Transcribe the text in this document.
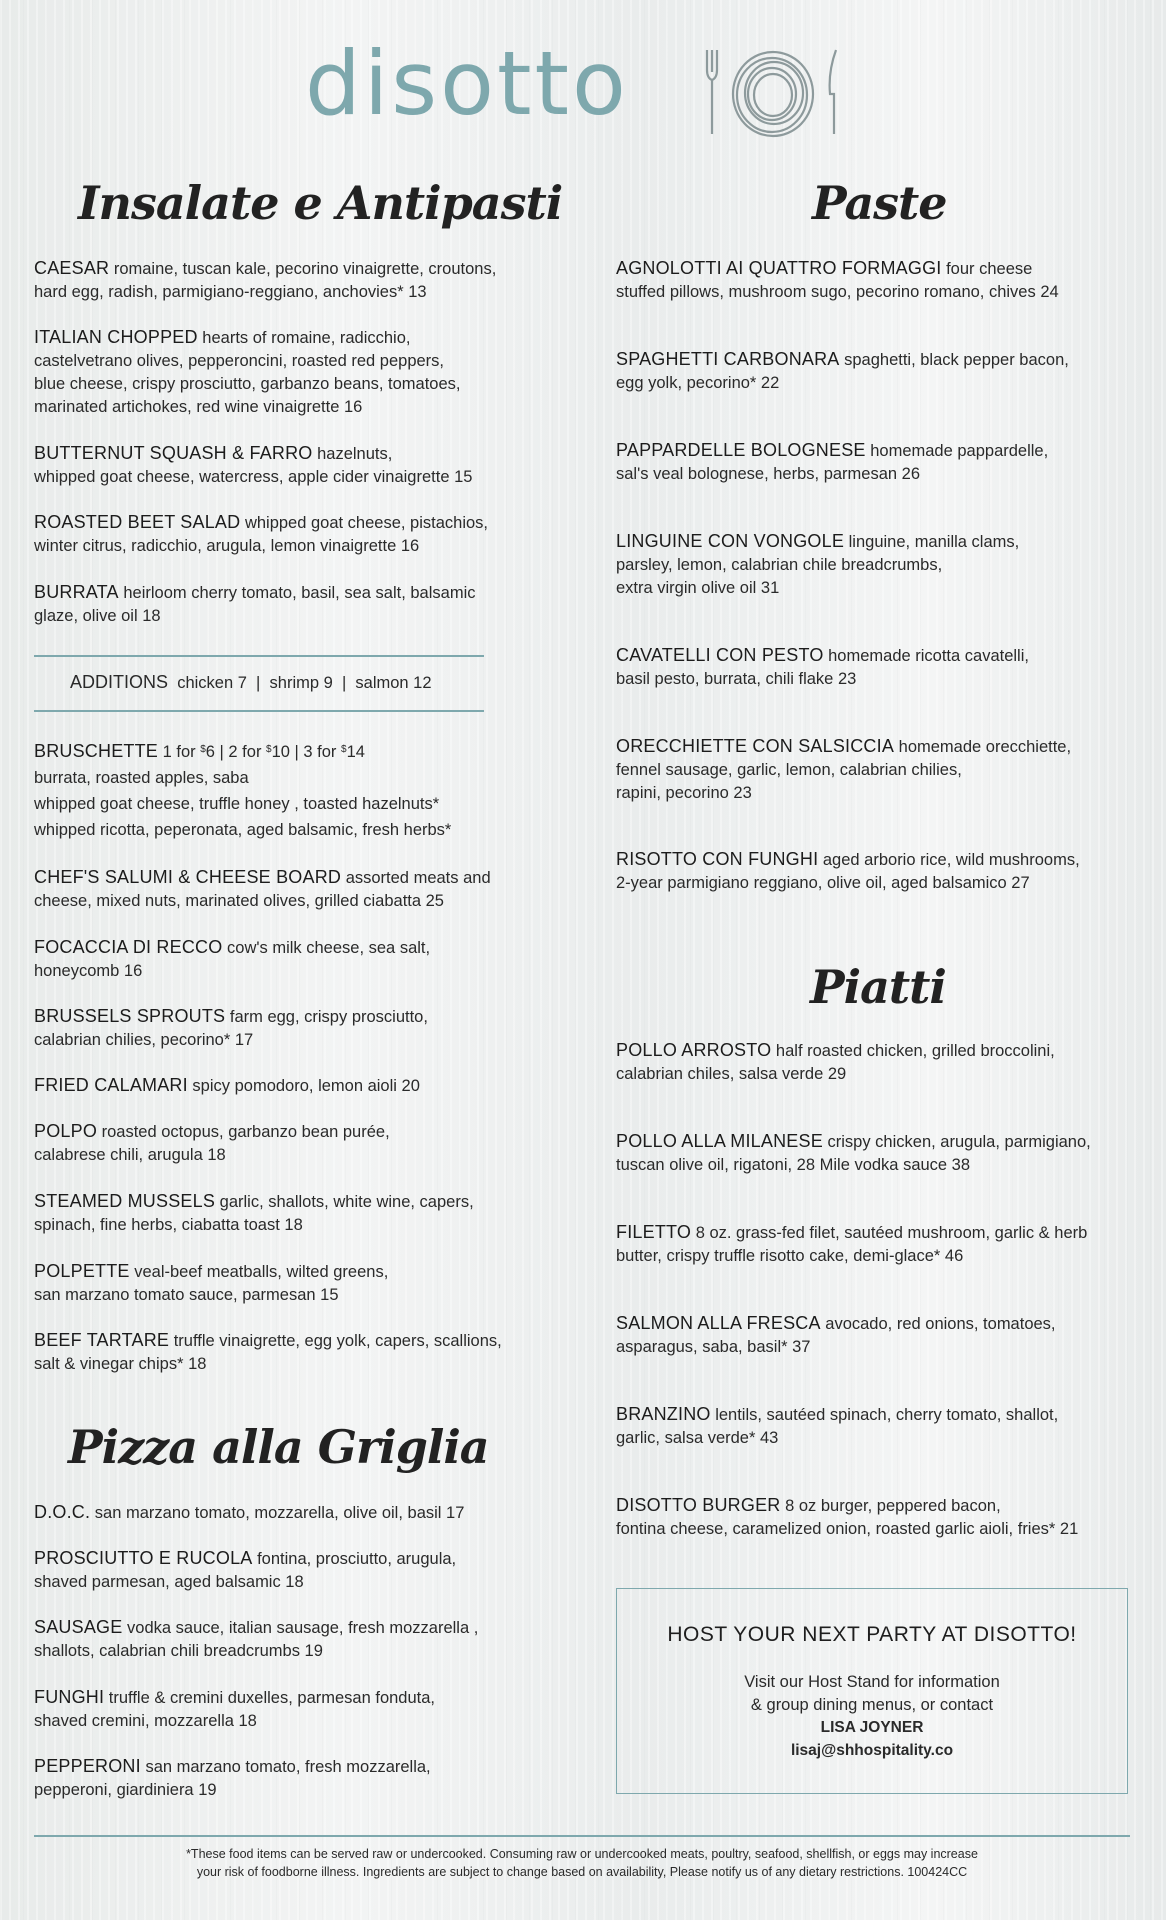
disotto
Insalate e Antipasti	Paste
Piatti
Pizza alla Griglia
CAESAR romaine, tuscan kale, pecorino vinaigrette, croutons,
hard egg, radish, parmigiano-reggiano, anchovies* 13
ITALIAN CHOPPED hearts of romaine, radicchio,
castelvetrano olives, pepperoncini, roasted red peppers,
blue cheese, crispy prosciutto, garbanzo beans, tomatoes,
marinated artichokes, red wine vinaigrette 16
BUTTERNUT SQUASH & FARRO hazelnuts,
whipped goat cheese, watercress, apple cider vinaigrette 15
ROASTED BEET SALAD whipped goat cheese, pistachios,
winter citrus, radicchio, arugula, lemon vinaigrette 16
BURRATA heirloom cherry tomato, basil, sea salt, balsamic
glaze, olive oil 18
ADDITIONS chicken 7  |  shrimp 9  |  salmon 12
BRUSCHETTE 1 for $6 | 2 for $10 | 3 for $14
burrata, roasted apples, saba
whipped goat cheese, truffle honey , toasted hazelnuts*
whipped ricotta, peperonata, aged balsamic, fresh herbs*
CHEF'S SALUMI & CHEESE BOARD assorted meats and
cheese, mixed nuts, marinated olives, grilled ciabatta 25
FOCACCIA DI RECCO cow's milk cheese, sea salt,
honeycomb 16
BRUSSELS SPROUTS farm egg, crispy prosciutto,
calabrian chilies, pecorino* 17
FRIED CALAMARI spicy pomodoro, lemon aioli 20
POLPO roasted octopus, garbanzo bean purée,
calabrese chili, arugula 18
STEAMED MUSSELS garlic, shallots, white wine, capers,
spinach, fine herbs, ciabatta toast 18
POLPETTE veal-beef meatballs, wilted greens,
san marzano tomato sauce, parmesan 15
BEEF TARTARE truffle vinaigrette, egg yolk, capers, scallions,
salt & vinegar chips* 18
D.O.C. san marzano tomato, mozzarella, olive oil, basil 17
PROSCIUTTO E RUCOLA fontina, prosciutto, arugula,
shaved parmesan, aged balsamic 18
SAUSAGE vodka sauce, italian sausage, fresh mozzarella ,
shallots, calabrian chili breadcrumbs 19
FUNGHI truffle & cremini duxelles, parmesan fonduta,
shaved cremini, mozzarella 18
PEPPERONI san marzano tomato, fresh mozzarella,
pepperoni, giardiniera 19
AGNOLOTTI AI QUATTRO FORMAGGI four cheese
stuffed pillows, mushroom sugo, pecorino romano, chives 24
SPAGHETTI CARBONARA spaghetti, black pepper bacon,
egg yolk, pecorino* 22
PAPPARDELLE BOLOGNESE homemade pappardelle,
sal's veal bolognese, herbs, parmesan 26
LINGUINE CON VONGOLE linguine, manilla clams,
parsley, lemon, calabrian chile breadcrumbs,
extra virgin olive oil 31
CAVATELLI CON PESTO homemade ricotta cavatelli,
basil pesto, burrata, chili flake 23
ORECCHIETTE CON SALSICCIA homemade orecchiette,
fennel sausage, garlic, lemon, calabrian chilies,
rapini, pecorino 23
RISOTTO CON FUNGHI aged arborio rice, wild mushrooms,
2-year parmigiano reggiano, olive oil, aged balsamico 27
POLLO ARROSTO half roasted chicken, grilled broccolini,
calabrian chiles, salsa verde 29
POLLO ALLA MILANESE crispy chicken, arugula, parmigiano,
tuscan olive oil, rigatoni, 28 Mile vodka sauce 38
FILETTO 8 oz. grass-fed filet, sautéed mushroom, garlic & herb
butter, crispy truffle risotto cake, demi-glace* 46
SALMON ALLA FRESCA avocado, red onions, tomatoes,
asparagus, saba, basil* 37
BRANZINO lentils, sautéed spinach, cherry tomato, shallot,
garlic, salsa verde* 43
DISOTTO BURGER 8 oz burger, peppered bacon,
fontina cheese, caramelized onion, roasted garlic aioli, fries* 21
HOST YOUR NEXT PARTY AT DISOTTO!
Visit our Host Stand for information
& group dining menus, or contact
LISA JOYNER
lisaj@shhospitality.co
*These food items can be served raw or undercooked. Consuming raw or undercooked meats, poultry, seafood, shellfish, or eggs may increase
your risk of foodborne illness. Ingredients are subject to change based on availability, Please notify us of any dietary restrictions. 100424CC
